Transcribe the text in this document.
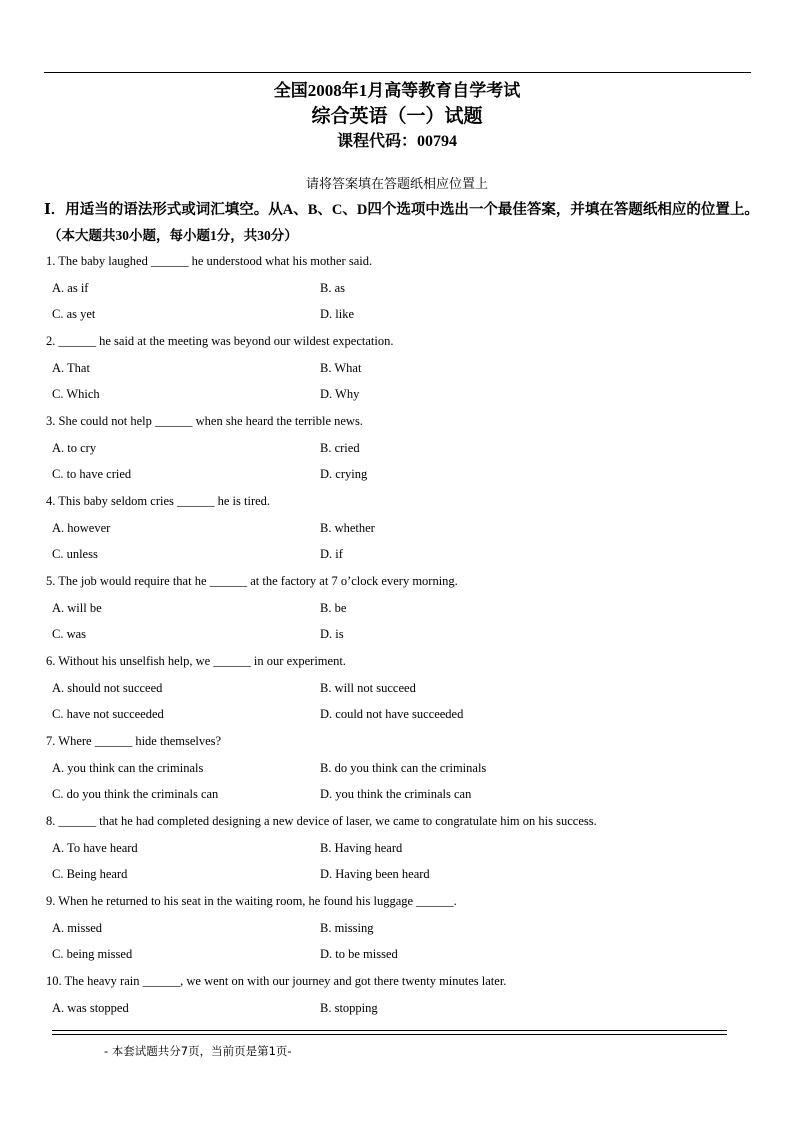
全国2008年1月高等教育自学考试
综合英语（一）试题
课程代码：00794
请将答案填在答题纸相应位置上
Ⅰ．用适当的语法形式或词汇填空。从A、B、C、D四个选项中选出一个最佳答案，并填在答题纸相应的位置上。
（本大题共30小题，每小题1分，共30分）
1. The baby laughed ______ he understood what his mother said.
A. as if	B. as
C. as yet	D. like
2. ______ he said at the meeting was beyond our wildest expectation.
A. That	B. What
C. Which	D. Why
3. She could not help ______ when she heard the terrible news.
A. to cry	B. cried
C. to have cried	D. crying
4. This baby seldom cries ______ he is tired.
A. however	B. whether
C. unless	D. if
5. The job would require that he ______ at the factory at 7 o’clock every morning.
A. will be	B. be
C. was	D. is
6. Without his unselfish help, we ______ in our experiment.
A. should not succeed	B. will not succeed
C. have not succeeded	D. could not have succeeded
7. Where ______ hide themselves?
A. you think can the criminals	B. do you think can the criminals
C. do you think the criminals can	D. you think the criminals can
8. ______ that he had completed designing a new device of laser, we came to congratulate him on his success.
A. To have heard	B. Having heard
C. Being heard	D. Having been heard
9. When he returned to his seat in the waiting room, he found his luggage ______.
A. missed	B. missing
C. being missed	D. to be missed
10. The heavy rain ______, we went on with our journey and got there twenty minutes later.
A. was stopped	B. stopping
- 本套试题共分7页，当前页是第1页-
